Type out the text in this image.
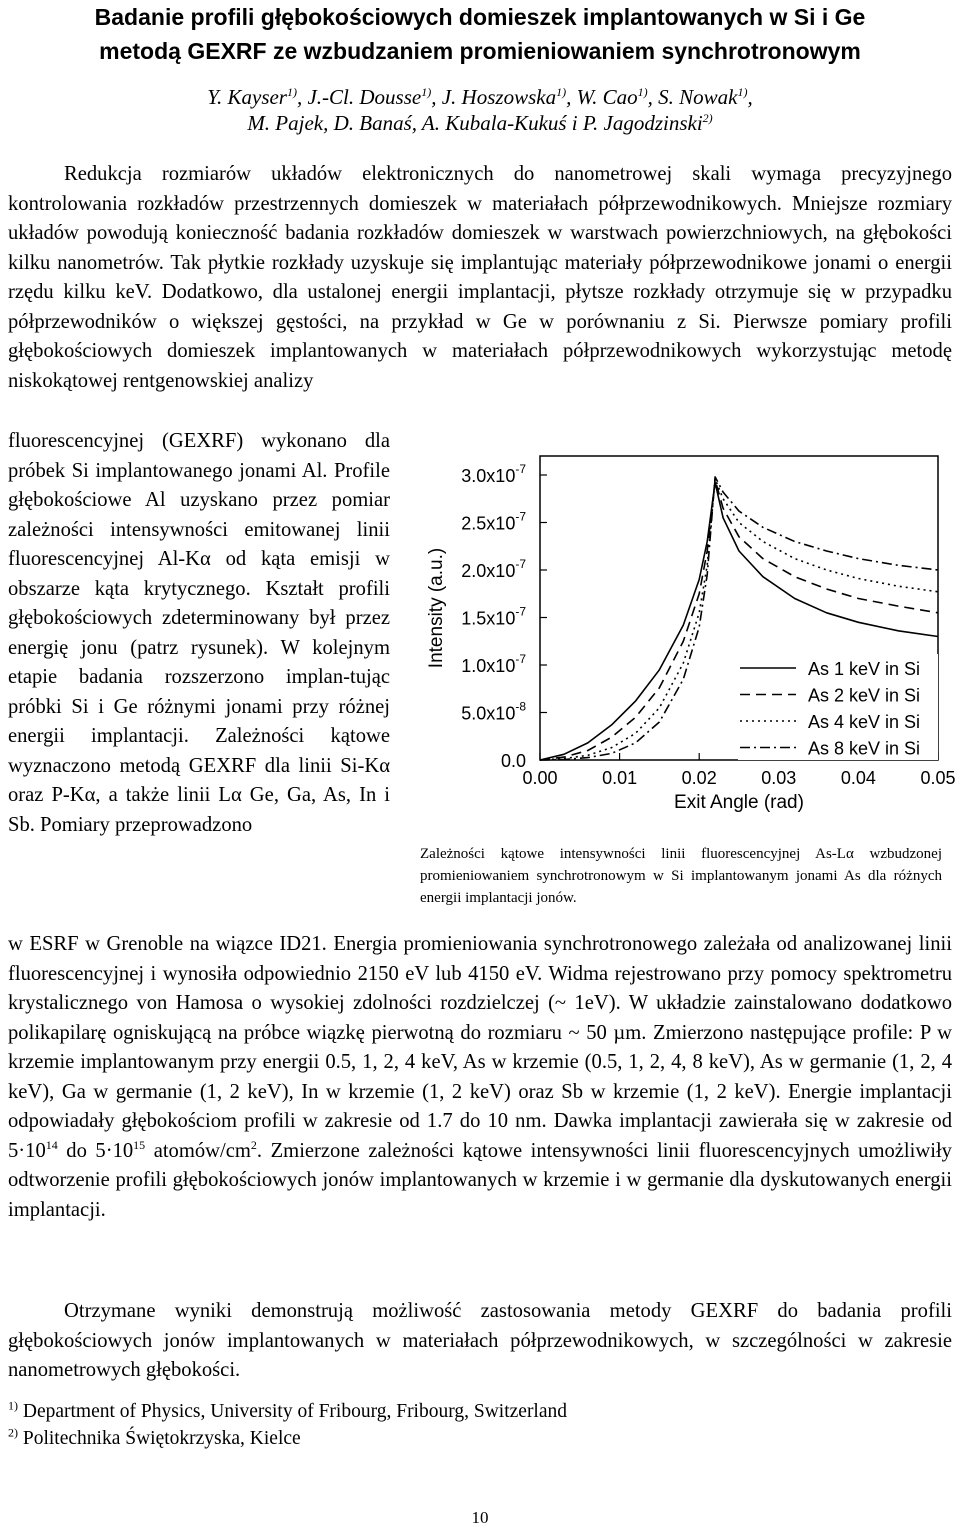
Badanie profili głębokościowych domieszek implantowanych w Si i Ge
metodą GEXRF ze wzbudzaniem promieniowaniem synchrotronowym
Y. Kayser$^{1)}$, J.-Cl. Dousse$^{1)}$, J. Hoszowska$^{1)}$, W. Cao$^{1)}$, S. Nowak$^{1)}$,
M. Pajek, D. Banaś, A. Kubala-Kukuś i P. Jagodzinski$^{2)}$

Redukcja rozmiarów układów elektronicznych do nanometrowej skali wymaga precyzyjnego kontrolowania rozkładów przestrzennych domieszek w materiałach półprzewodnikowych. Mniejsze rozmiary układów powodują konieczność badania rozkładów domieszek w warstwach powierzchniowych, na głębokości kilku nanometrów. Tak płytkie rozkłady uzyskuje się implantując materiały półprzewodnikowe jonami o energii rzędu kilku keV. Dodatkowo, dla ustalonej energii implantacji, płytsze rozkłady otrzymuje się w przypadku półprzewodników o większej gęstości, na przykład w Ge w porównaniu z Si. Pierwsze pomiary profili głębokościowych domieszek implantowanych w materiałach półprzewodnikowych wykorzystując metodę niskokątowej rentgenowskiej analizy

fluorescencyjnej (GEXRF) wykonano dla próbek Si implantowanego jonami Al. Profile głębokościowe Al uzyskano przez pomiar zależności intensywności emitowanej linii fluorescencyjnej Al-Kα od kąta emisji w obszarze kąta krytycznego. Kształt profili głębokościowych zdeterminowany był przez energię jonu (patrz rysunek). W kolejnym etapie badania rozszerzono implan-tując próbki Si i Ge różnymi jonami przy różnej energii implantacji. Zależności kątowe wyznaczono metodą GEXRF dla linii Si-Kα oraz P-Kα, a także linii Lα Ge, Ga, As, In i Sb. Pomiary przeprowadzono

0.0
$5.0x10^{-8}$
$1.0x10^{-7}$
$1.5x10^{-7}$
$2.0x10^{-7}$
$2.5x10^{-7}$
$3.0x10^{-7}$
0.00 0.01 0.02 0.03 0.04 0.05
Exit Angle (rad)
Intensity (a.u.)
As 1 keV in Si
As 2 keV in Si
As 4 keV in Si
As 8 keV in Si
Zależności kątowe intensywności linii fluorescencyjnej As-Lα wzbudzonej promieniowaniem synchrotronowym w Si implantowanym jonami As dla różnych energii implantacji jonów.

w ESRF w Grenoble na wiązce ID21. Energia promieniowania synchrotronowego zależała od analizowanej linii fluorescencyjnej i wynosiła odpowiednio 2150 eV lub 4150 eV. Widma rejestrowano przy pomocy spektrometru krystalicznego von Hamosa o wysokiej zdolności rozdzielczej (~ 1eV). W układzie zainstalowano dodatkowo polikapilarę ogniskującą na próbce wiązkę pierwotną do rozmiaru ~ 50 µm. Zmierzono następujące profile: P w krzemie implantowanym przy energii 0.5, 1, 2, 4 keV, As w krzemie (0.5, 1, 2, 4, 8 keV), As w germanie (1, 2, 4 keV), Ga w germanie (1, 2 keV), In w krzemie (1, 2 keV) oraz Sb w krzemie (1, 2 keV). Energie implantacji odpowiadały głębokościom profili w zakresie od 1.7 do 10 nm. Dawka implantacji zawierała się w zakresie od $5\cdot 10^{14}$ do $5\cdot 10^{15}$ atomów/$cm^2$. Zmierzone zależności kątowe intensywności linii fluorescencyjnych umożliwiły odtworzenie profili głębokościowych jonów implantowanych w krzemie i w germanie dla dyskutowanych energii implantacji.

Otrzymane wyniki demonstrują możliwość zastosowania metody GEXRF do badania profili głębokościowych jonów implantowanych w materiałach półprzewodnikowych, w szczególności w zakresie nanometrowych głębokości.

$^{1)}$ Department of Physics, University of Fribourg, Fribourg, Switzerland
$^{2)}$ Politechnika Świętokrzyska, Kielce
10
